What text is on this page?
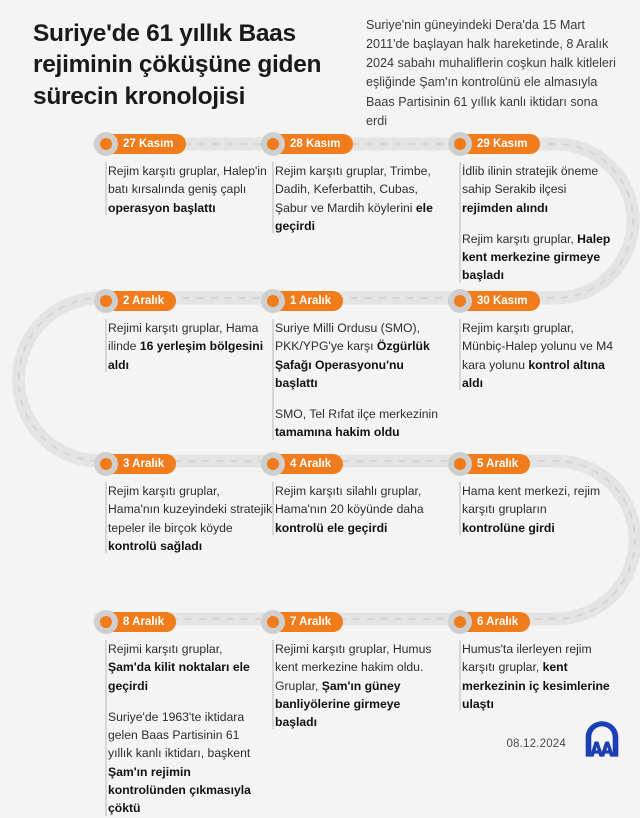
Suriye'de 61 yıllık Baas rejiminin çöküşüne giden sürecin kronolojisi
Suriye'nin güneyindeki Dera'da 15 Mart 2011'de başlayan halk hareketinde, 8 Aralık 2024 sabahı muhaliflerin coşkun halk kitleleri eşliğinde Şam'ın kontrolünü ele almasıyla Baas Partisinin 61 yıllık kanlı iktidarı sona erdi
27 Kasım

Rejim karşıtı gruplar, Halep'in batı kırsalında geniş çaplı operasyon başlattı

28 Kasım

Rejim karşıtı gruplar, Trimbe, Dadih, Keferbattih, Cubas, Şabur ve Mardih köylerini ele geçirdi

29 Kasım

İdlib ilinin stratejik öneme sahip Serakib ilçesi rejimden alındı

Rejim karşıtı gruplar, Halep kent merkezine girmeye başladı

30 Kasım

Rejim karşıtı gruplar, Münbiç-Halep yolunu ve M4 kara yolunu kontrol altına aldı

1 Aralık

Suriye Milli Ordusu (SMO), PKK/YPG'ye karşı Özgürlük Şafağı Operasyonu'nu başlattı

SMO, Tel Rıfat ilçe merkezinin tamamına hakim oldu

2 Aralık

Rejimi karşıtı gruplar, Hama ilinde 16 yerleşim bölgesini aldı

3 Aralık

Rejim karşıtı gruplar, Hama'nın kuzeyindeki stratejik tepeler ile birçok köyde kontrolü sağladı

4 Aralık

Rejim karşıtı silahlı gruplar, Hama'nın 20 köyünde daha kontrolü ele geçirdi

5 Aralık

Hama kent merkezi, rejim karşıtı grupların kontrolüne girdi

6 Aralık

Humus'ta ilerleyen rejim karşıtı gruplar, kent merkezinin iç kesimlerine ulaştı

7 Aralık

Rejimi karşıtı gruplar, Humus kent merkezine hakim oldu. Gruplar, Şam'ın güney banliyölerine girmeye başladı

8 Aralık

Rejimi karşıtı gruplar, Şam'da kilit noktaları ele geçirdi

Suriye'de 1963'te iktidara gelen Baas Partisinin 61 yıllık kanlı iktidarı, başkent Şam'ın rejimin kontrolünden çıkmasıyla çöktü

08.12.2024
